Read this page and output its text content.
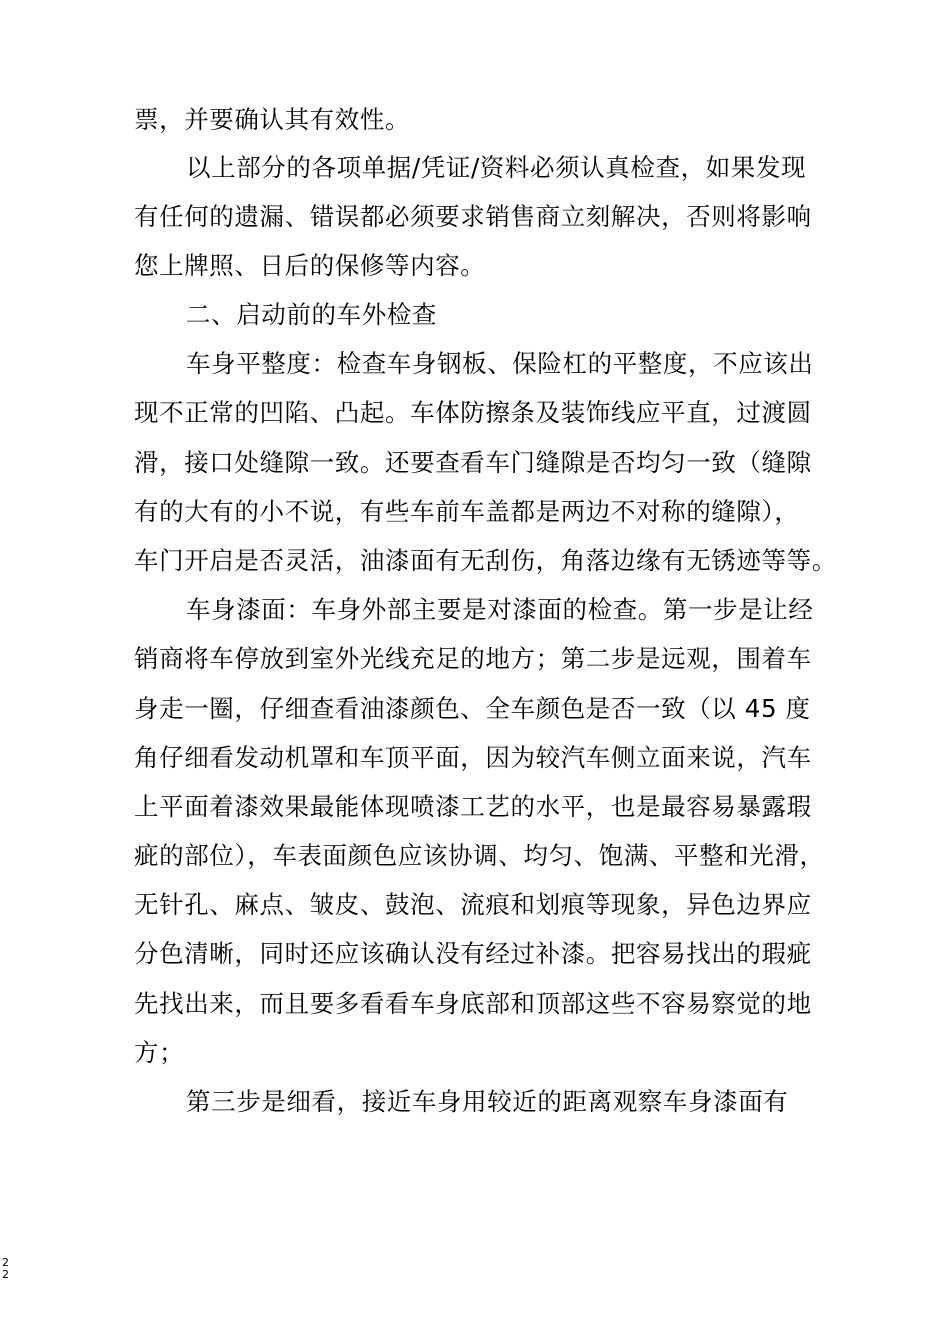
票，并要确认其有效性。
以上部分的各项单据/凭证/资料必须认真检查，如果发现
有任何的遗漏、错误都必须要求销售商立刻解决，否则将影响
您上牌照、日后的保修等内容。
二、启动前的车外检查
车身平整度：检查车身钢板、保险杠的平整度，不应该出
现不正常的凹陷、凸起。车体防擦条及装饰线应平直，过渡圆
滑，接口处缝隙一致。还要查看车门缝隙是否均匀一致（缝隙
有的大有的小不说，有些车前车盖都是两边不对称的缝隙），
车门开启是否灵活，油漆面有无刮伤，角落边缘有无锈迹等等。
车身漆面：车身外部主要是对漆面的检查。第一步是让经
销商将车停放到室外光线充足的地方；第二步是远观，围着车
身走一圈，仔细查看油漆颜色、全车颜色是否一致（以 45 度
角仔细看发动机罩和车顶平面，因为较汽车侧立面来说，汽车
上平面着漆效果最能体现喷漆工艺的水平，也是最容易暴露瑕
疵的部位），车表面颜色应该协调、均匀、饱满、平整和光滑，
无针孔、麻点、皱皮、鼓泡、流痕和划痕等现象，异色边界应
分色清晰，同时还应该确认没有经过补漆。把容易找出的瑕疵
先找出来，而且要多看看车身底部和顶部这些不容易察觉的地
方；
第三步是细看，接近车身用较近的距离观察车身漆面有
2
2
